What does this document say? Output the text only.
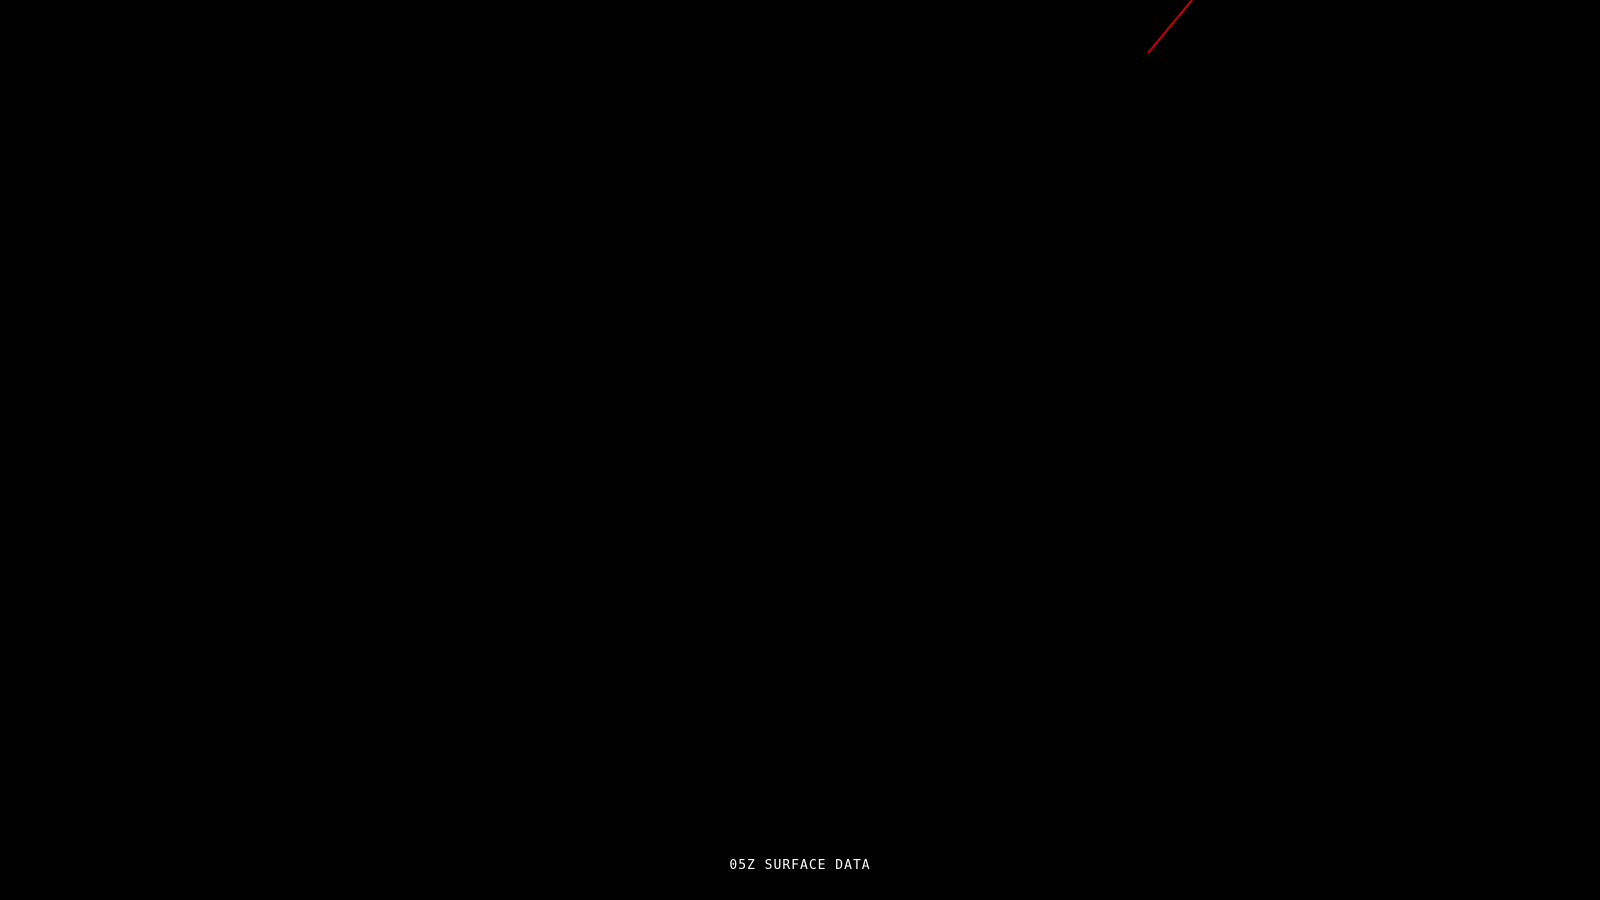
05Z SURFACE DATA
